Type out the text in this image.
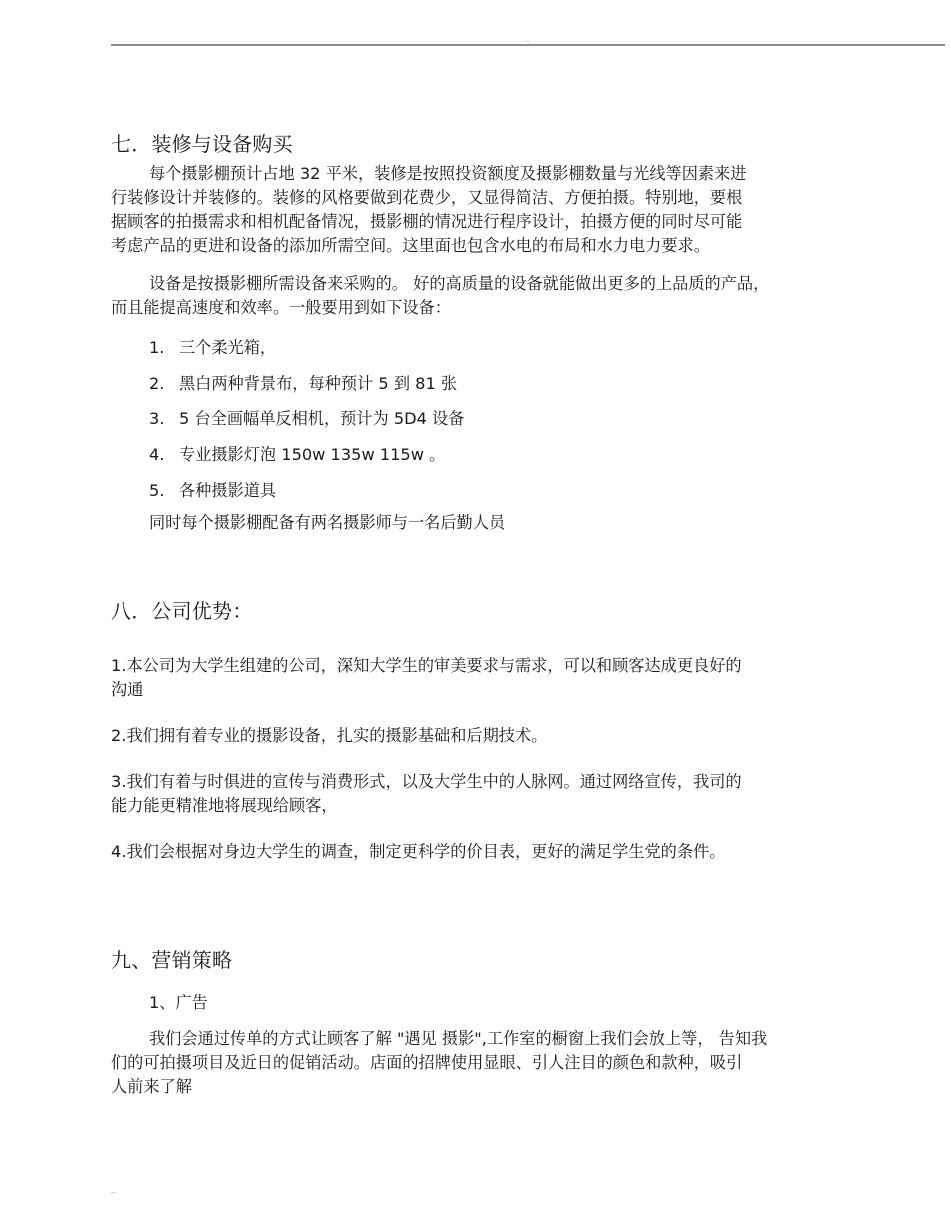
...
七．装修与设备购买
每个摄影棚预计占地 32 平米，装修是按照投资额度及摄影棚数量与光线等因素来进
行装修设计并装修的。装修的风格要做到花费少，又显得简洁、方便拍摄。特别地，要根
据顾客的拍摄需求和相机配备情况，摄影棚的情况进行程序设计，拍摄方便的同时尽可能
考虑产品的更进和设备的添加所需空间。这里面也包含水电的布局和水力电力要求。
设备是按摄影棚所需设备来采购的。 好的高质量的设备就能做出更多的上品质的产品，
而且能提高速度和效率。一般要用到如下设备：
1. 三个柔光箱，
2. 黑白两种背景布，每种预计 5 到 81 张
3. 5 台全画幅单反相机，预计为 5D4 设备
4. 专业摄影灯泡 150w 135w 115w 。
5. 各种摄影道具
同时每个摄影棚配备有两名摄影师与一名后勤人员
八．公司优势：
1.本公司为大学生组建的公司，深知大学生的审美要求与需求，可以和顾客达成更良好的
沟通
2.我们拥有着专业的摄影设备，扎实的摄影基础和后期技术。
3.我们有着与时俱进的宣传与消费形式，以及大学生中的人脉网。通过网络宣传，我司的
能力能更精准地将展现给顾客，
4.我们会根据对身边大学生的调查，制定更科学的价目表，更好的满足学生党的条件。
九、营销策略
1、广告
我们会通过传单的方式让顾客了解 "遇见 摄影",工作室的橱窗上我们会放上等， 告知我
们的可拍摄项目及近日的促销活动。店面的招牌使用显眼、引人注目的颜色和款种，吸引
人前来了解
...
